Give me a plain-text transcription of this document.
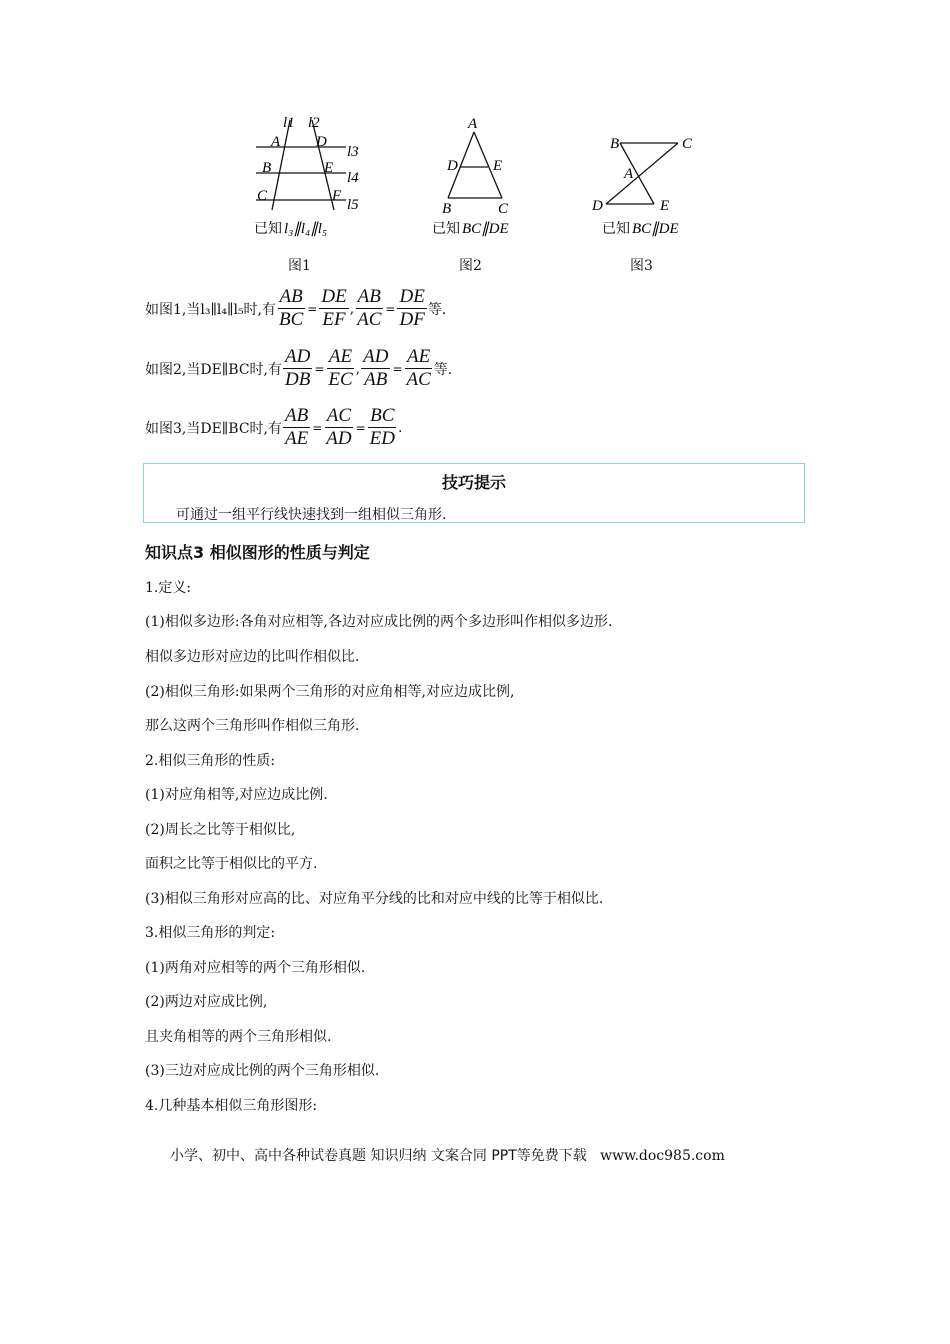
l1 l2
l3
l4
l5
A
B
C
D
E
F
已知 l₃∥l₄∥l₅
图1
A
D E
B	C
已知 BC∥DE
图2
B	C
A
D	E
已知 BC∥DE
图3
如图1,当l₃∥l₄∥l₅时,有 $\frac{AB}{BC} = \frac{DE}{EF}$ , $\frac{AB}{AC} = \frac{DE}{DF}$ 等.
如图2,当DE∥BC时,有 $\frac{AD}{DB} = \frac{AE}{EC}$ , $\frac{AD}{AB} = \frac{AE}{AC}$ 等.
如图3,当DE∥BC时,有 $\frac{AB}{AE} = \frac{AC}{AD} = \frac{BC}{ED}$ .
技巧提示
可通过一组平行线快速找到一组相似三角形.
知识点3 相似图形的性质与判定
1.定义:
(1)相似多边形:各角对应相等,各边对应成比例的两个多边形叫作相似多边形.
相似多边形对应边的比叫作相似比.
(2)相似三角形:如果两个三角形的对应角相等,对应边成比例,
那么这两个三角形叫作相似三角形.
2.相似三角形的性质:
(1)对应角相等,对应边成比例.
(2)周长之比等于相似比,
面积之比等于相似比的平方.
(3)相似三角形对应高的比、对应角平分线的比和对应中线的比等于相似比.
3.相似三角形的判定:
(1)两角对应相等的两个三角形相似.
(2)两边对应成比例,
且夹角相等的两个三角形相似.
(3)三边对应成比例的两个三角形相似.
4.几种基本相似三角形图形:
小学、初中、高中各种试卷真题 知识归纳 文案合同 PPT等免费下载 www.doc985.com
